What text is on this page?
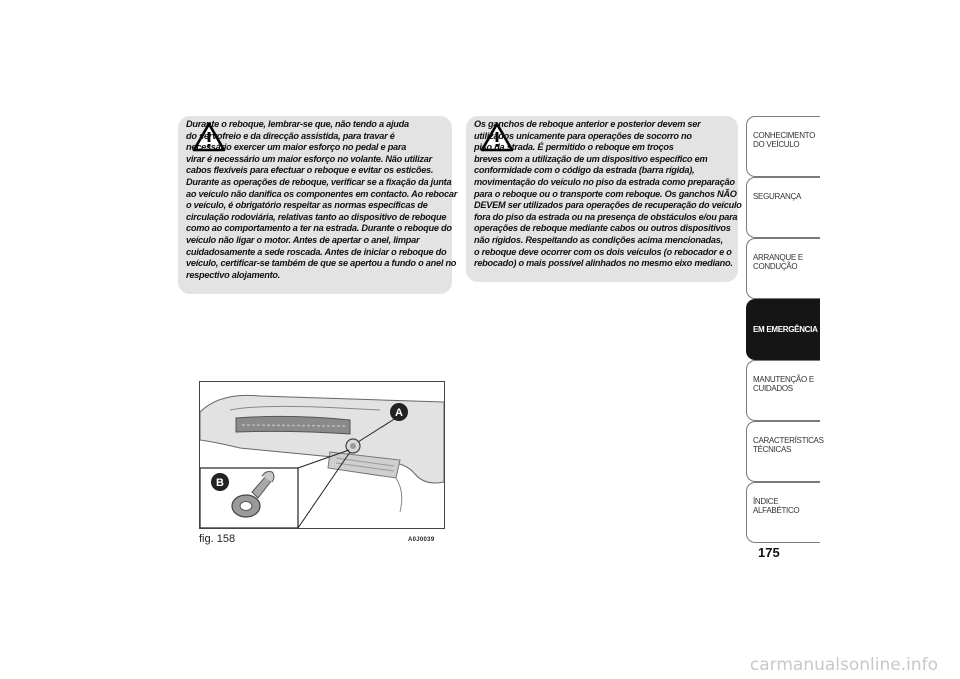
Durante o reboque, lembrar-se que, não tendo a ajuda
do servofreio e da direcção assistida, para travar é
necessário exercer um maior esforço no pedal e para
virar é necessário um maior esforço no volante. Não utilizar
cabos flexíveis para efectuar o reboque e evitar os esticões.
Durante as operações de reboque, verificar se a fixação da junta
ao veículo não danifica os componentes em contacto. Ao rebocar
o veículo, é obrigatório respeitar as normas específicas de
circulação rodoviária, relativas tanto ao dispositivo de reboque
como ao comportamento a ter na estrada. Durante o reboque do
veículo não ligar o motor. Antes de apertar o anel, limpar
cuidadosamente a sede roscada. Antes de iniciar o reboque do
veículo, certificar-se também de que se apertou a fundo o anel no
respectivo alojamento.

Os ganchos de reboque anterior e posterior devem ser
utilizados unicamente para operações de socorro no
piso da strada. É permitido o reboque em troços
breves com a utilização de um dispositivo específico em
conformidade com o código da estrada (barra rígida),
movimentação do veículo no piso da estrada como preparação
para o reboque ou o transporte com reboque. Os ganchos NÃO
DEVEM ser utilizados para operações de recuperação do veículo
fora do piso da estrada ou na presença de obstáculos e/ou para
operações de reboque mediante cabos ou outros dispositivos
não rígidos. Respeitando as condições acima mencionadas,
o reboque deve ocorrer com os dois veículos (o rebocador e o
rebocado) o mais possível alinhados no mesmo eixo mediano.

A
B
fig. 158	A0J0039
CONHECIMENTO DO VEÍCULO
SEGURANÇA
ARRANQUE E CONDUÇÃO
EM EMERGÊNCIA
MANUTENÇÃO E CUIDADOS
CARACTERÍSTICAS TÉCNICAS
ÍNDICE ALFABÉTICO
175
carmanualsonline.info
